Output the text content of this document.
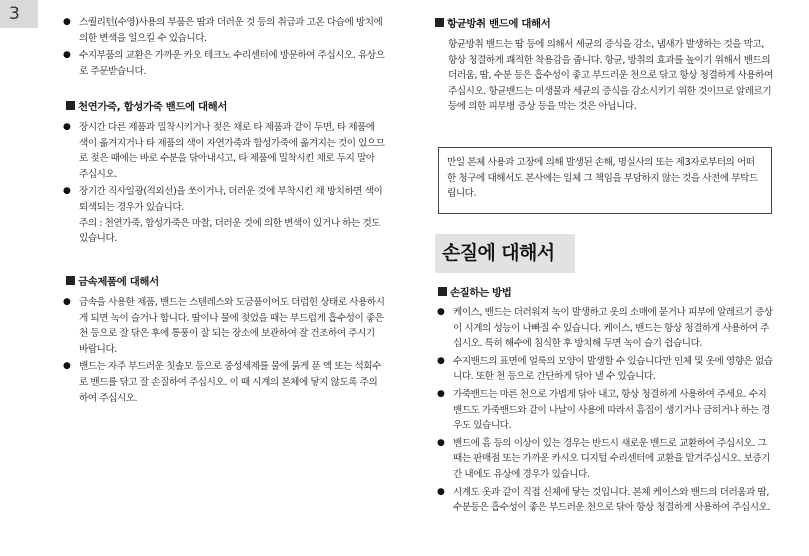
3
●	스퀄리턴(수영)사용의 부품은 땀과 더러운 것 등의 취급과 고온 다습에 방치에 의한 변색을 일으킬 수 있습니다.
● 수지부품의 교환은 가까운 카오 테크노 수리센터에 방문하여 주십시오. 유상으로 주문받습니다.
천연가죽, 합성가죽 밴드에 대해서
● 장시간 다른 제품과 밀착시키거나 젖은 채로 타 제품과 같이 두면, 타 제품에 색이 옮겨지거나 타 제품의 색이 자연가죽과 합성가죽에 옮겨지는 것이 있으므로 젖은 때에는 바로 수분을 닦아내시고, 타 제품에 밀착시킨 채로 두지 말아 주십시오.
● 장기간 직사일광(적외선)을 쏘이거나, 더러운 것에 부착시킨 채 방치하면 색이 퇴색되는 경우가 있습니다.
주의 : 천연가죽, 합성가죽은 마찰, 더러운 것에 의한 변색이 있거나 하는 것도 있습니다.
금속제품에 대해서
● 금속을 사용한 제품, 밴드는 스텐레스와 도금품이어도 더럽힌 상태로 사용하시게 되면 녹이 슬거나 합니다. 땀이나 물에 젖었을 때는 부드럽게 흡수성이 좋은 천 등으로 잘 닦은 후에 통풍이 잘 되는 장소에 보관하여 잘 건조하여 주시기 바랍니다.
● 밴드는 자주 부드러운 칫솔모 등으로 중성세제를 물에 묽게 푼 액 또는 석회수로 밴드를 닦고 잘 손질하여 주십시오. 이 때 시계의 본체에 닿지 않도록 주의하여 주십시오.
항균방취 밴드에 대해서

항균방취 밴드는 땀 등에 의해서 세균의 증식을 감소, 냄새가 발생하는 것을 막고, 항상 청결하게 쾌적한 착용감을 줍니다. 항균, 방취의 효과를 높이기 위해서 밴드의 더러움, 땀, 수분 등은 흡수성이 좋고 부드러운 천으로 닦고 항상 청결하게 사용하여 주십시오. 항균밴드는 미생물과 세균의 증식을 감소시키기 위한 것이므로 알레르기 등에 의한 피부병 증상 등을 막는 것은 아닙니다.

만일 본체 사용과 고장에 의해 발생된 손해, 명실사의 또는 제3자로부터의 어떠한 청구에 대해서도 본사에는 일체 그 책임을 부담하지 않는 것을 사전에 부탁드립니다.
손질에 대해서
손질하는 방법
● 케이스, 밴드는 더러워져 녹이 발생하고 옷의 소매에 묻거나 피부에 알레르기 증상이 시계의 성능이 나빠질 수 있습니다. 케이스, 밴드는 항상 청결하게 사용하여 주십시오. 특히 해수에 침식한 후 방치해 두면 녹이 슬기 쉽습니다.
● 수지밴드의 표면에 얼룩의 모양이 발생할 수 있습니다만 인체 및 옷에 영향은 없습니다. 또한 천 등으로 간단하게 닦아 낼 수 있습니다.
● 가죽밴드는 마른 천으로 가볍게 닦아 내고, 항상 청결하게 사용하여 주세요. 수지밴드도 가죽밴드와 같이 나날이 사용에 따라서 흠집이 생기거나 금히거나 하는 경우도 있습니다.
● 밴드에 흠 등의 이상이 있는 경우는 반드시 새로운 밴드로 교환하여 주십시오. 그 때는 판매점 또는 가까운 카시오 디지털 수리센터에 교환을 맡겨주십시오. 보증기간 내에도 유상에 경우가 있습니다.
● 시계도 옷과 같이 직접 신체에 닿는 것입니다. 본체 케이스와 밴드의 더러움과 땀, 수분등은 흡수성이 좋은 부드러운 천으로 닦아 항상 청결하게 사용하여 주십시오.
